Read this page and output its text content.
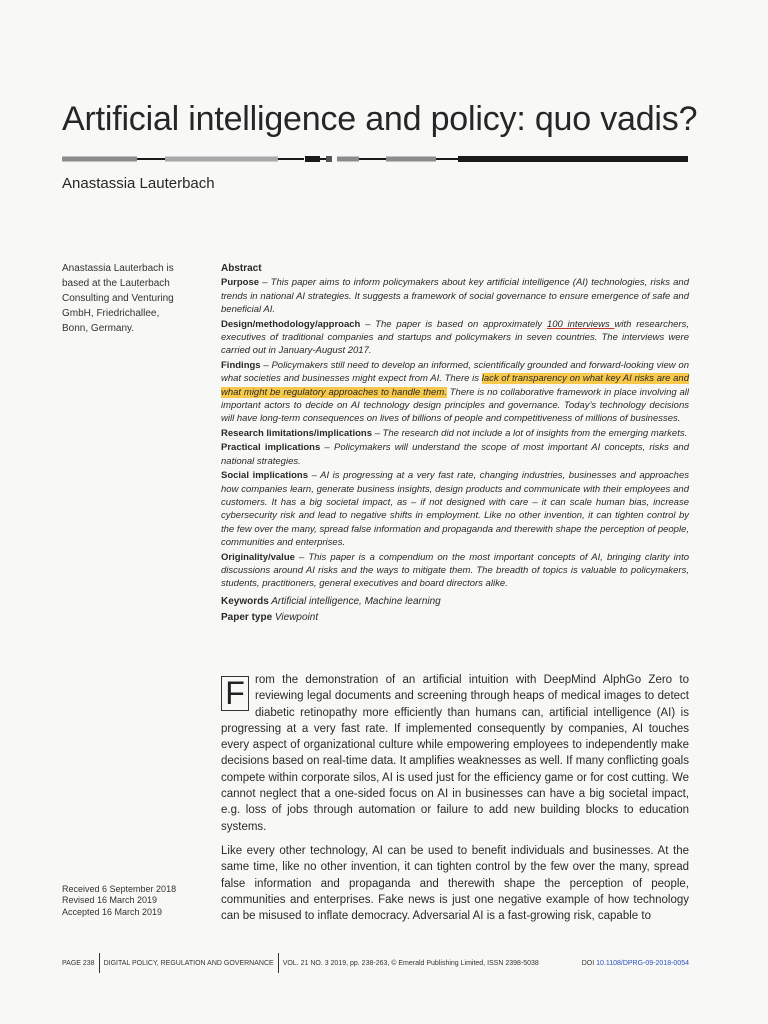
Artificial intelligence and policy: quo vadis?
Anastassia Lauterbach
Anastassia Lauterbach is based at the Lauterbach Consulting and Venturing GmbH, Friedrichallee, Bonn, Germany.

Abstract

Purpose – This paper aims to inform policymakers about key artificial intelligence (AI) technologies, risks and trends in national AI strategies. It suggests a framework of social governance to ensure emergence of safe and beneficial AI.

Design/methodology/approach – The paper is based on approximately 100 interviews with researchers, executives of traditional companies and startups and policymakers in seven countries. The interviews were carried out in January-August 2017.

Findings – Policymakers still need to develop an informed, scientifically grounded and forward-looking view on what societies and businesses might expect from AI. There is lack of transparency on what key AI risks are and what might be regulatory approaches to handle them. There is no collaborative framework in place involving all important actors to decide on AI technology design principles and governance. Today’s technology decisions will have long-term consequences on lives of billions of people and competitiveness of millions of businesses.

Research limitations/implications – The research did not include a lot of insights from the emerging markets.

Practical implications – Policymakers will understand the scope of most important AI concepts, risks and national strategies.

Social implications – AI is progressing at a very fast rate, changing industries, businesses and approaches how companies learn, generate business insights, design products and communicate with their employees and customers. It has a big societal impact, as – if not designed with care – it can scale human bias, increase cybersecurity risk and lead to negative shifts in employment. Like no other invention, it can tighten control by the few over the many, spread false information and propaganda and therewith shape the perception of people, communities and enterprises.

Originality/value – This paper is a compendium on the most important concepts of AI, bringing clarity into discussions around AI risks and the ways to mitigate them. The breadth of topics is valuable to policymakers, students, practitioners, general executives and board directors alike.

Keywords Artificial intelligence, Machine learning

Paper type Viewpoint

F rom the demonstration of an artificial intuition with DeepMind AlphGo Zero to reviewing legal documents and screening through heaps of medical images to detect diabetic retinopathy more efficiently than humans can, artificial intelligence (AI) is progressing at a very fast rate. If implemented consequently by companies, AI touches every aspect of organizational culture while empowering employees to independently make decisions based on real-time data. It amplifies weaknesses as well. If many conflicting goals compete within corporate silos, AI is used just for the efficiency game or for cost cutting. We cannot neglect that a one-sided focus on AI in businesses can have a big societal impact, e.g. loss of jobs through automation or failure to add new building blocks to education systems.

Like every other technology, AI can be used to benefit individuals and businesses. At the same time, like no other invention, it can tighten control by the few over the many, spread false information and propaganda and therewith shape the perception of people, communities and enterprises. Fake news is just one negative example of how technology can be misused to inflate democracy. Adversarial AI is a fast-growing risk, capable to

Received 6 September 2018
Revised 16 March 2019
Accepted 16 March 2019
PAGE 238 DIGITAL POLICY, REGULATION AND GOVERNANCE VOL. 21 NO. 3 2019, pp. 238-263, © Emerald Publishing Limited, ISSN 2398-5038	DOI 10.1108/DPRG-09-2018-0054
